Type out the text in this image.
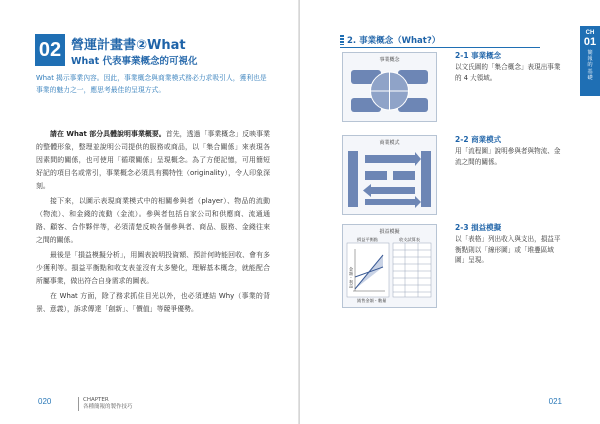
02 營運計畫書②What
What 代表事業概念的可視化
What 揭示事業內容。因此，事業概念與商業模式務必力求吸引人，獲利也是事業的魅力之一，應思考最佳的呈現方式。

請在 What 部分具體說明事業概要。首先，透過「事業概念」反映事業的整體形象，整理並說明公司提供的服務或商品，以「集合關係」來表現各因素間的關係，也可使用「循環關係」呈現概念。為了方便記憶，可用簡短好記的項目名或常引，事業概念必須具有獨特性（originality），令人印象深刻。

接下來，以圖示表現商業模式中的相關參與者（player）、物品的流動（物流）、和金錢的流動（金流）。參與者包括自家公司和供應商、流通通路、顧客、合作夥伴等，必須清楚反映各個參與者、商品、服務、金錢往來之間的關係。

最後是「損益模擬分析」，用圖表說明投資額、預計何時能回收、會有多少獲利等。損益平衡點和收支表並沒有太多變化，理解基本概念，就能配合所屬事業，做出符合自身需求的圖表。

在 What 方面，除了務求抓住目光以外，也必須連結 Why（事業的背景、意義），訴求傳達「創新」、「價值」等競爭優勢。

020	CHAPTER
各種簡報的製作技巧
2. 事業概念（What?）
CH
01
簡報的基礎
事業概念
商業模式
損益模擬
損益平衡點	收支試算表
銷售金額・數量
金額・利益
2-1 事業概念
以文氏圖的「集合概念」表現出事業的 4 大領域。
2-2 商業模式
用「流程圖」說明參與者與物流、金流之間的關係。
2-3 損益模擬
以「表格」列出收入與支出，損益平衡點則以「線形圖」或「堆疊區域圖」呈現。
021
